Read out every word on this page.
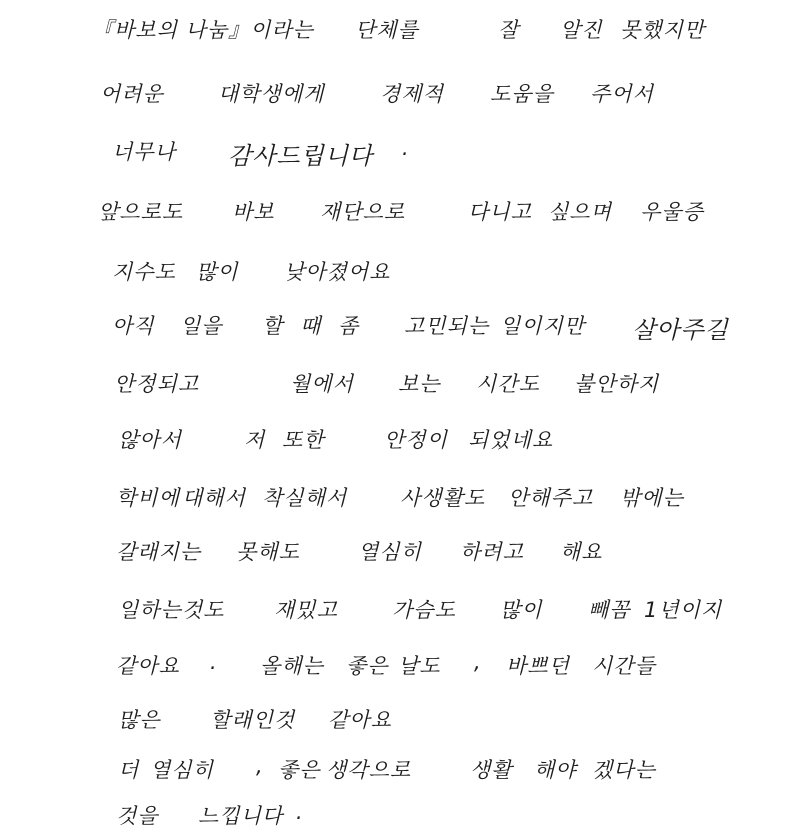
『바보의 나눔』이라는 단체를	잘 알진 못했지만
어려운	대학생에게	경제적 도움을 주어서
너무나 감사드립니다 .
앞으로도 바보 재단으로	다니고 싶으며 우울증
지수도 많이 낮아졌어요
아직 일을 할 때 좀 고민되는 일이지만 살아주길
안정되고	월에서 보는 시간도 불안하지
않아서	저 또한	안정이 되었네요
학비에 대해서 착실해서	사생활도 안해주고 밖에는
갈래지는 못해도	열심히 하려고 해요
일하는것도 재밌고	가슴도 많이 빼꼼 1년이지
같아요 . 올해는 좋은 날도 , 바쁘던 시간들
많은 할래인것 같아요
더 열심히 , 좋은 생각으로	생활 해야 겠다는
것을 느낍니다 .
